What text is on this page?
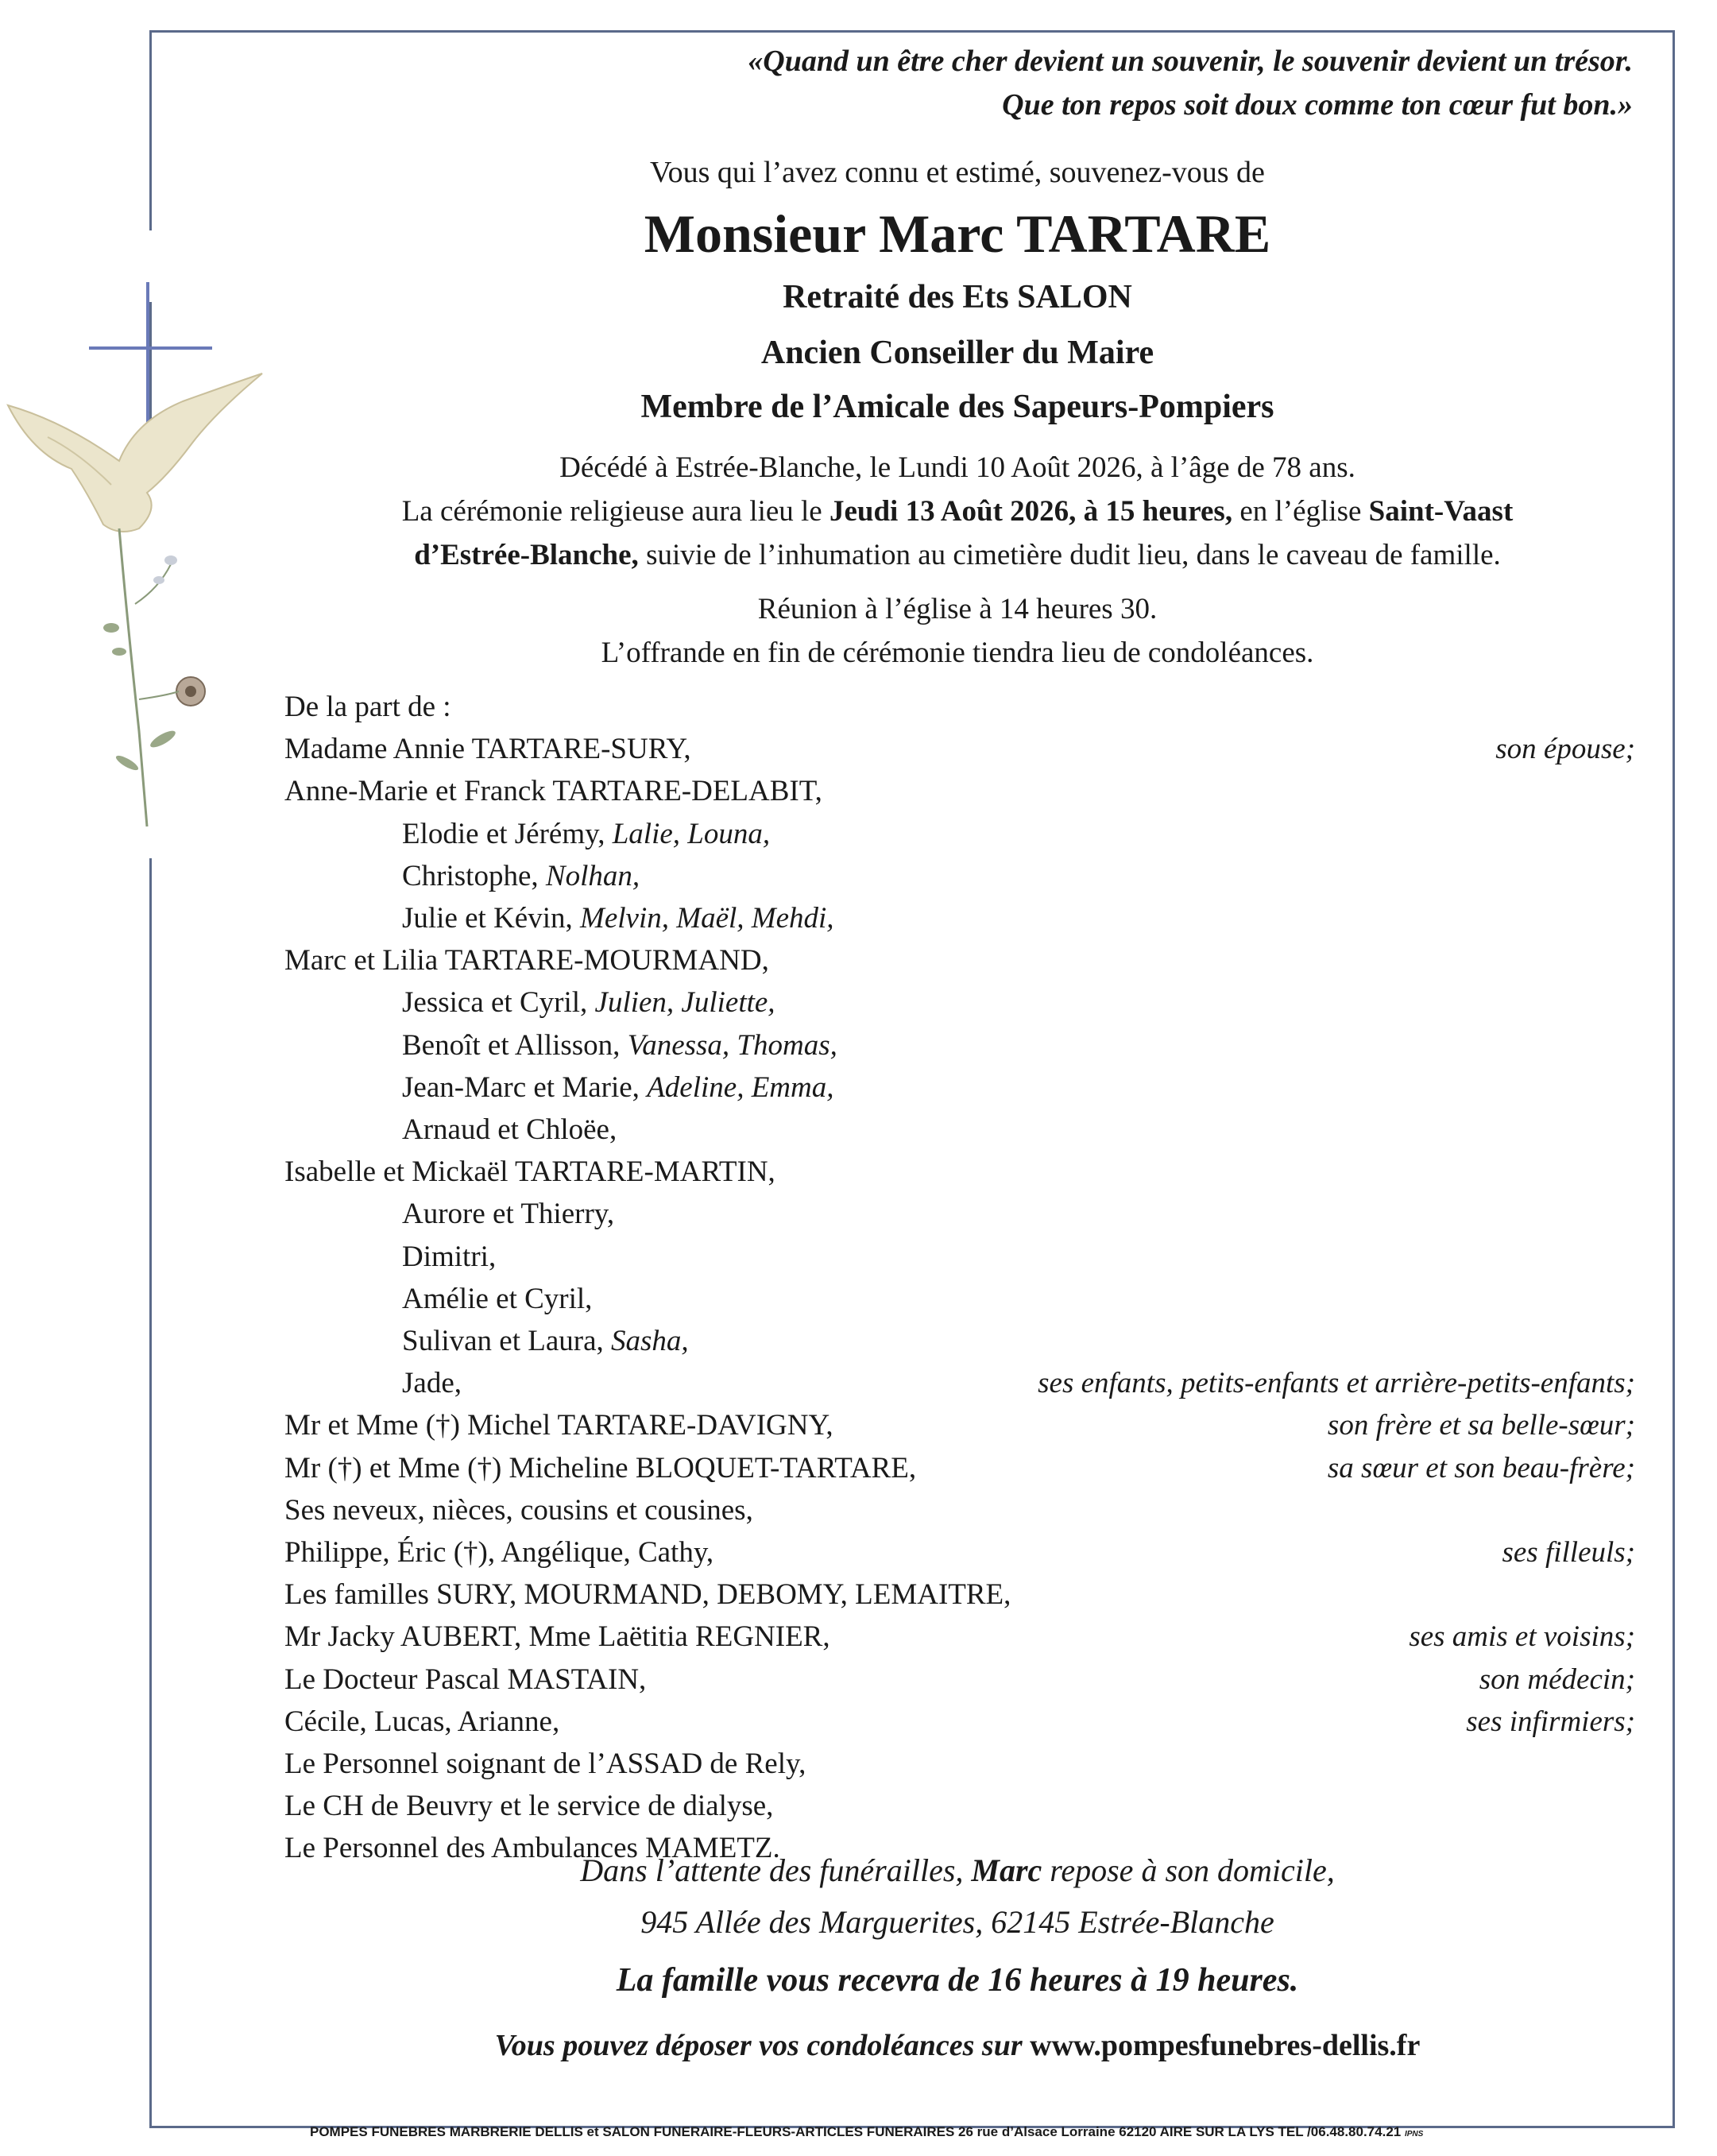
«Quand un être cher devient un souvenir, le souvenir devient un trésor.
Que ton repos soit doux comme ton cœur fut bon.»
Vous qui l’avez connu et estimé, souvenez-vous de
Monsieur Marc TARTARE
Retraité des Ets SALON
Ancien Conseiller du Maire
Membre de l’Amicale des Sapeurs-Pompiers
Décédé à Estrée-Blanche, le Lundi 10 Août 2026, à l’âge de 78 ans.
La cérémonie religieuse aura lieu le Jeudi 13 Août 2026, à 15 heures, en l’église Saint-Vaast
d’Estrée-Blanche, suivie de l’inhumation au cimetière dudit lieu, dans le caveau de famille.
Réunion à l’église à 14 heures 30.
L’offrande en fin de cérémonie tiendra lieu de condoléances.
De la part de :
Madame Annie TARTARE-SURY,	son épouse;
Anne-Marie et Franck TARTARE-DELABIT,
Elodie et Jérémy, Lalie, Louna,
Christophe, Nolhan,
Julie et Kévin, Melvin, Maël, Mehdi,
Marc et Lilia TARTARE-MOURMAND,
Jessica et Cyril, Julien, Juliette,
Benoît et Allisson, Vanessa, Thomas,
Jean-Marc et Marie, Adeline, Emma,
Arnaud et Chloëe,
Isabelle et Mickaël TARTARE-MARTIN,
Aurore et Thierry,
Dimitri,
Amélie et Cyril,
Sulivan et Laura, Sasha,
Jade,	ses enfants, petits-enfants et arrière-petits-enfants;
Mr et Mme (†) Michel TARTARE-DAVIGNY,	son frère et sa belle-sœur;
Mr (†) et Mme (†) Micheline BLOQUET-TARTARE,	sa sœur et son beau-frère;
Ses neveux, nièces, cousins et cousines,
Philippe, Éric (†), Angélique, Cathy,	ses filleuls;
Les familles SURY, MOURMAND, DEBOMY, LEMAITRE,
Mr Jacky AUBERT, Mme Laëtitia REGNIER,	ses amis et voisins;
Le Docteur Pascal MASTAIN,	son médecin;
Cécile, Lucas, Arianne,	ses infirmiers;
Le Personnel soignant de l’ASSAD de Rely,
Le CH de Beuvry et le service de dialyse,
Le Personnel des Ambulances MAMETZ.
Dans l’attente des funérailles, Marc repose à son domicile,
945 Allée des Marguerites, 62145 Estrée-Blanche
La famille vous recevra de 16 heures à 19 heures.
Vous pouvez déposer vos condoléances sur www.pompesfunebres-dellis.fr
POMPES FUNEBRES MARBRERIE DELLIS et SALON FUNERAIRE-FLEURS-ARTICLES FUNERAIRES 26 rue d’Alsace Lorraine 62120 AIRE SUR LA LYS TEL /06.48.80.74.21 IPNS
